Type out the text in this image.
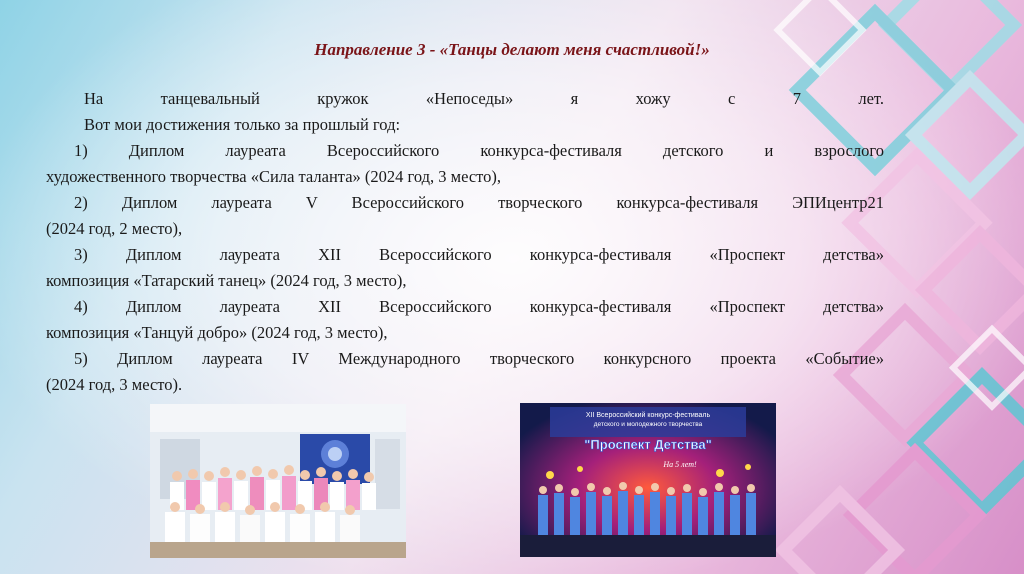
Направление 3 - «Танцы делают меня счастливой!»
На танцевальный кружок «Непоседы» я хожу с 7 лет.
Вот мои достижения только за прошлый год:
1) Диплом лауреата Всероссийского конкурса-фестиваля детского и взрослого
художественного творчества «Сила таланта» (2024 год, 3 место),
2) Диплом лауреата V Всероссийского творческого конкурса-фестиваля ЭПИцентр21
(2024 год, 2 место),
3) Диплом лауреата XII Всероссийского конкурса-фестиваля «Проспект детства»
композиция «Татарский танец» (2024 год, 3 место),
4) Диплом лауреата XII Всероссийского конкурса-фестиваля «Проспект детства»
композиция «Танцуй добро» (2024 год, 3 место),
5) Диплом лауреата IV Международного творческого конкурсного проекта «Событие»
(2024 год, 3 место).
XII Всероссийский конкурс-фестиваль
детского и молодежного творчества
"Проспект Детства"
На 5 лет!
